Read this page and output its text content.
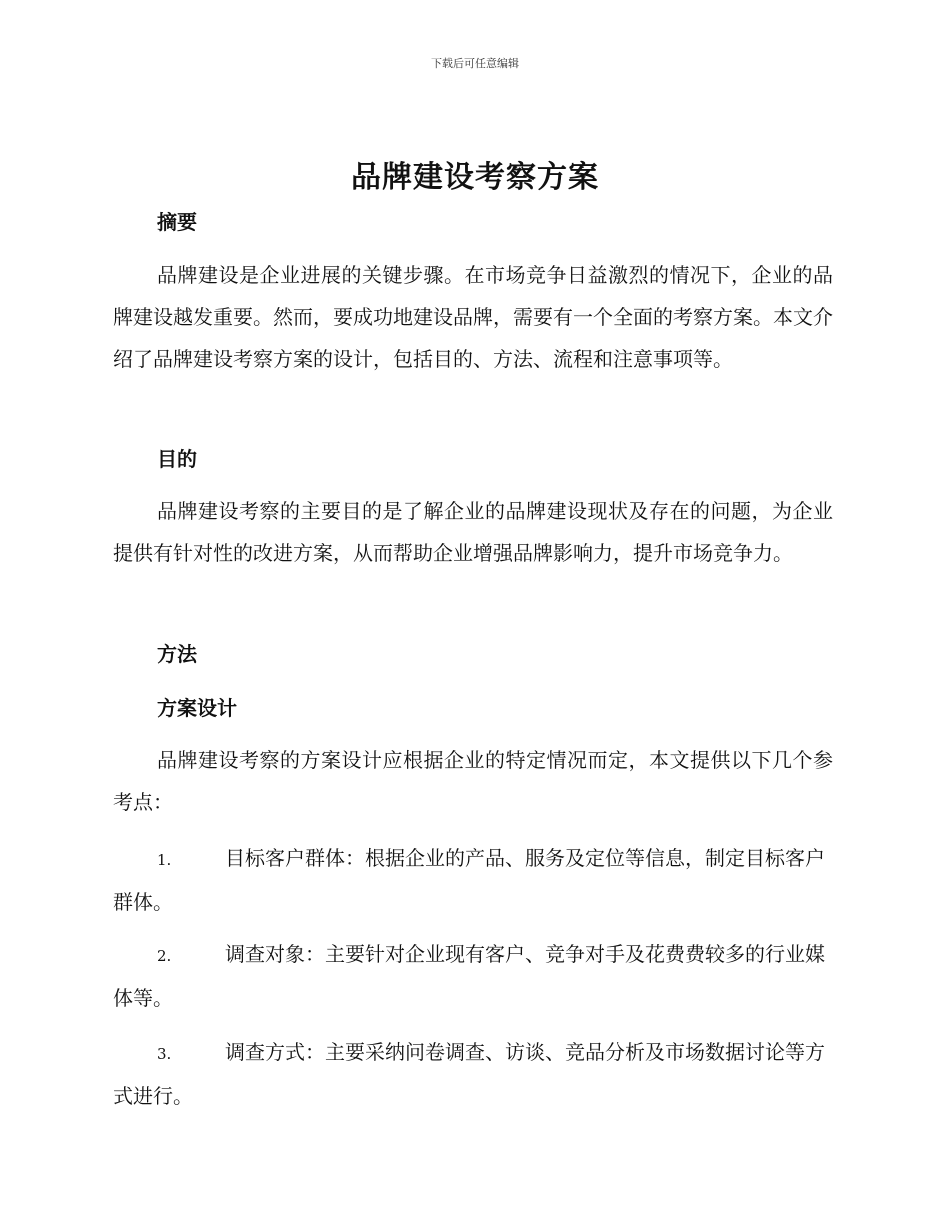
下载后可任意编辑
品牌建设考察方案
摘要
品牌建设是企业进展的关键步骤。在市场竞争日益激烈的情况下，企业的品牌建设越发重要。然而，要成功地建设品牌，需要有一个全面的考察方案。本文介绍了品牌建设考察方案的设计，包括目的、方法、流程和注意事项等。
目的
品牌建设考察的主要目的是了解企业的品牌建设现状及存在的问题，为企业提供有针对性的改进方案，从而帮助企业增强品牌影响力，提升市场竞争力。
方法
方案设计
品牌建设考察的方案设计应根据企业的特定情况而定，本文提供以下几个参考点：
1.	目标客户群体：根据企业的产品、服务及定位等信息，制定目标客户群体。
2.	调查对象：主要针对企业现有客户、竞争对手及花费费较多的行业媒体等。
3.	调查方式：主要采纳问卷调查、访谈、竞品分析及市场数据讨论等方式进行。
